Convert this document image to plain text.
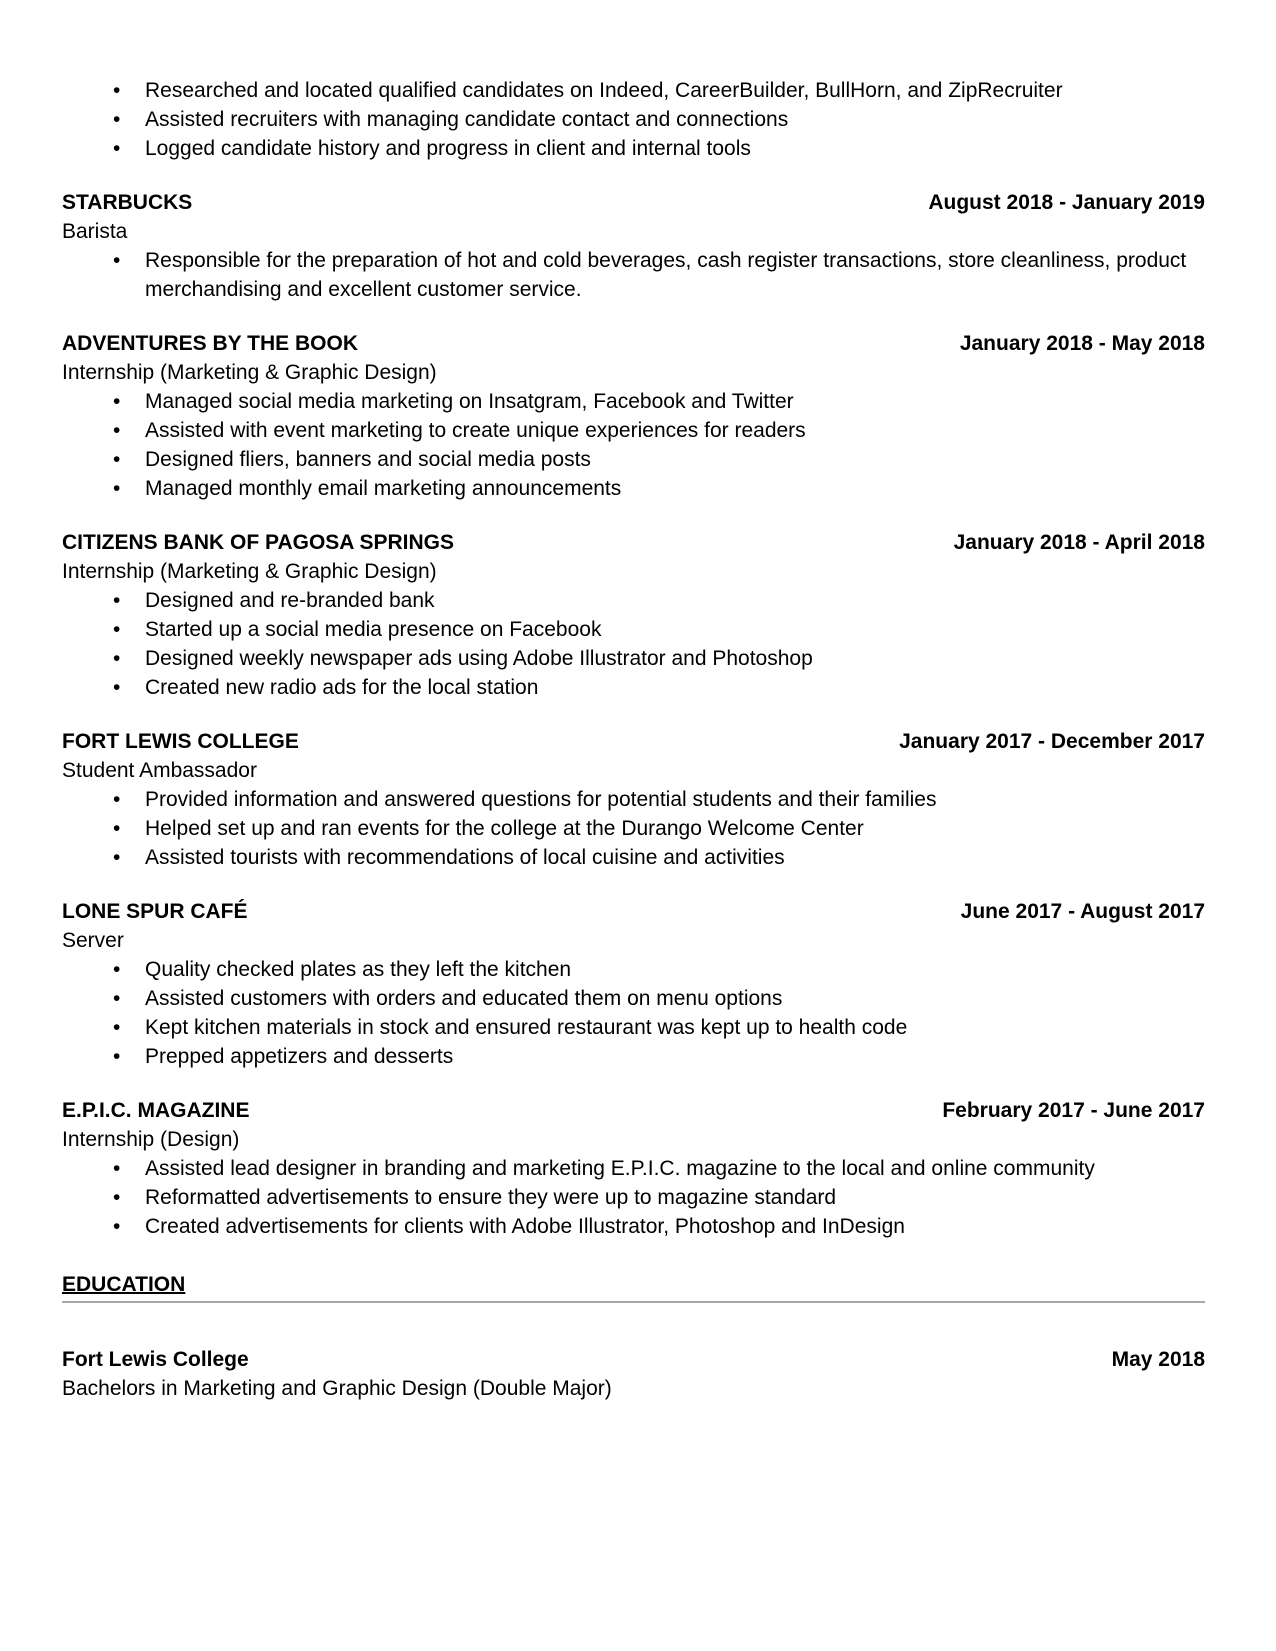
• Researched and located qualified candidates on Indeed, CareerBuilder, BullHorn, and ZipRecruiter
• Assisted recruiters with managing candidate contact and connections
• Logged candidate history and progress in client and internal tools
STARBUCKS	August 2018 - January 2019
Barista
• Responsible for the preparation of hot and cold beverages, cash register transactions, store cleanliness, product merchandising and excellent customer service.
ADVENTURES BY THE BOOK	January 2018 - May 2018
Internship (Marketing & Graphic Design)
• Managed social media marketing on Insatgram, Facebook and Twitter
• Assisted with event marketing to create unique experiences for readers
• Designed fliers, banners and social media posts
• Managed monthly email marketing announcements
CITIZENS BANK OF PAGOSA SPRINGS	January 2018 - April 2018
Internship (Marketing & Graphic Design)
• Designed and re-branded bank
• Started up a social media presence on Facebook
• Designed weekly newspaper ads using Adobe Illustrator and Photoshop
• Created new radio ads for the local station
FORT LEWIS COLLEGE	January 2017 - December 2017
Student Ambassador
• Provided information and answered questions for potential students and their families
• Helped set up and ran events for the college at the Durango Welcome Center
• Assisted tourists with recommendations of local cuisine and activities
LONE SPUR CAFÉ	June 2017 - August 2017
Server
• Quality checked plates as they left the kitchen
• Assisted customers with orders and educated them on menu options
• Kept kitchen materials in stock and ensured restaurant was kept up to health code
• Prepped appetizers and desserts
E.P.I.C. MAGAZINE	February 2017 - June 2017
Internship (Design)
• Assisted lead designer in branding and marketing E.P.I.C. magazine to the local and online community
• Reformatted advertisements to ensure they were up to magazine standard
• Created advertisements for clients with Adobe Illustrator, Photoshop and InDesign
EDUCATION
Fort Lewis College	May 2018
Bachelors in Marketing and Graphic Design (Double Major)
